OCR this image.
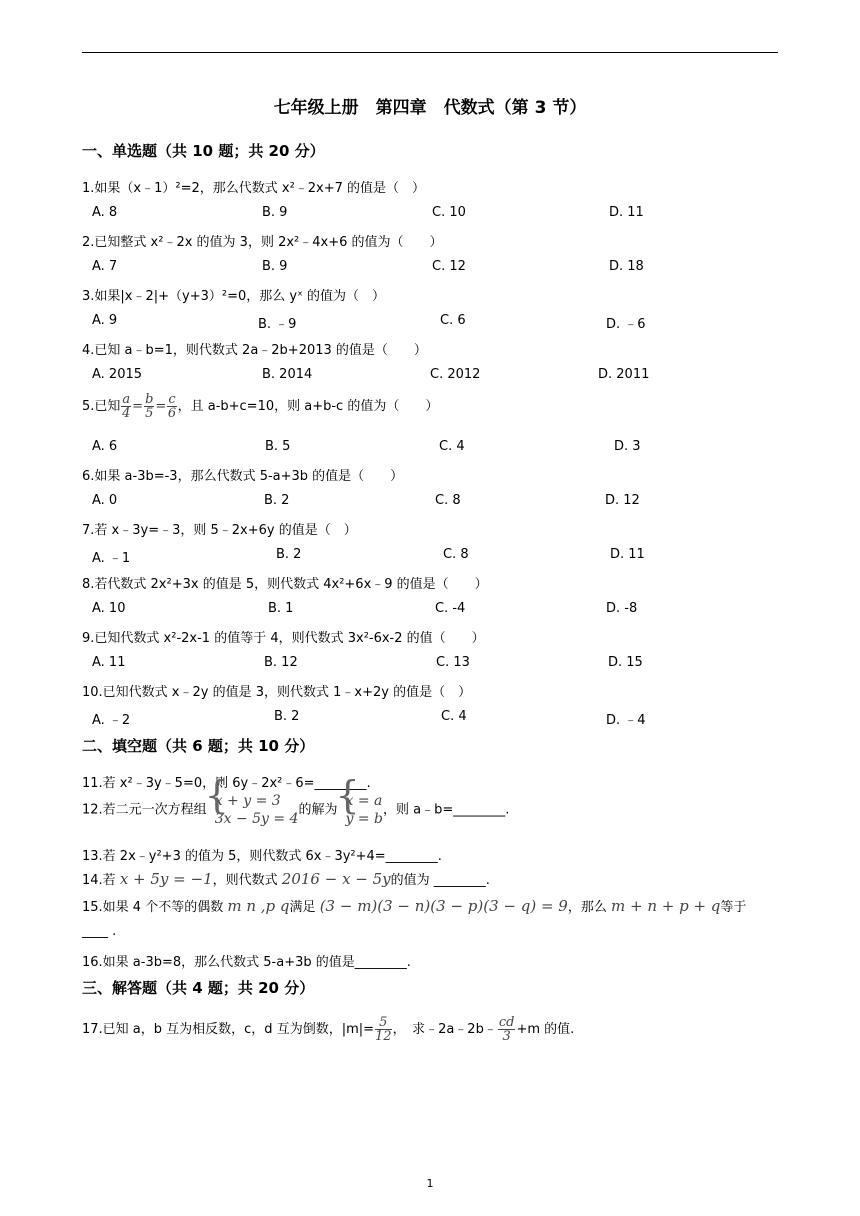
七年级上册　第四章　代数式（第 3 节）
一、单选题（共 10 题；共 20 分）
1.如果（x﹣1）²=2，那么代数式 x²﹣2x+7 的值是（　）
A. 8	B. 9	C. 10	D. 11
2.已知整式 x²﹣2x 的值为 3，则 2x²﹣4x+6 的值为（　　）
A. 7	B. 9	C. 12	D. 18
3.如果|x﹣2|+（y+3）²=0，那么 yˣ 的值为（　）
A. 9	B. ﹣9	C. 6	D. ﹣6
4.已知 a﹣b=1，则代数式 2a﹣2b+2013 的值是（　　）
A. 2015	B. 2014	C. 2012	D. 2011
5.已知 $\frac{a}{4} = \frac{b}{5} = \frac{c}{6}$ ，且 a-b+c=10，则 a+b-c 的值为（　　）
A. 6	B. 5	C. 4	D. 3
6.如果 a-3b=-3，那么代数式 5-a+3b 的值是（　　）
A. 0	B. 2	C. 8	D. 12
7.若 x﹣3y=﹣3，则 5﹣2x+6y 的值是（　）
A. ﹣1	B. 2	C. 8	D. 11
8.若代数式 2x²+3x 的值是 5，则代数式 4x²+6x﹣9 的值是（　　）
A. 10	B. 1	C. -4	D. -8
9.已知代数式 x²-2x-1 的值等于 4，则代数式 3x²-6x-2 的值（　　）
A. 11	B. 12	C. 13	D. 15
10.已知代数式 x﹣2y 的值是 3，则代数式 1﹣x+2y 的值是（　）
A. ﹣2	B. 2	C. 4	D. ﹣4
二、填空题（共 6 题；共 10 分）
11.若 x²﹣3y﹣5=0，则 6y﹣2x²﹣6=________.
12.若二元一次方程组
{ x + y = 3
3x − 5y = 4
的解为
{ x = a
y = b
，则 a﹣b=________.
13.若 2x﹣y²+3 的值为 5，则代数式 6x﹣3y²+4=________.
14.若 x + 5y = −1，则代数式 2016 − x − 5y的值为 ________.
15.如果 4 个不等的偶数 m n ,p q满足 (3 − m)(3 − n)(3 − p)(3 − q) = 9，那么 m + n + p + q等于
____ .
16.如果 a-3b=8，那么代数式 5-a+3b 的值是________.
三、解答题（共 4 题；共 20 分）
17.已知 a，b 互为相反数，c，d 互为倒数，$|m|= \frac{5}{12}$ ，　求﹣2a﹣2b﹣ $\frac{cd}{3} +m$ 的值.
1
